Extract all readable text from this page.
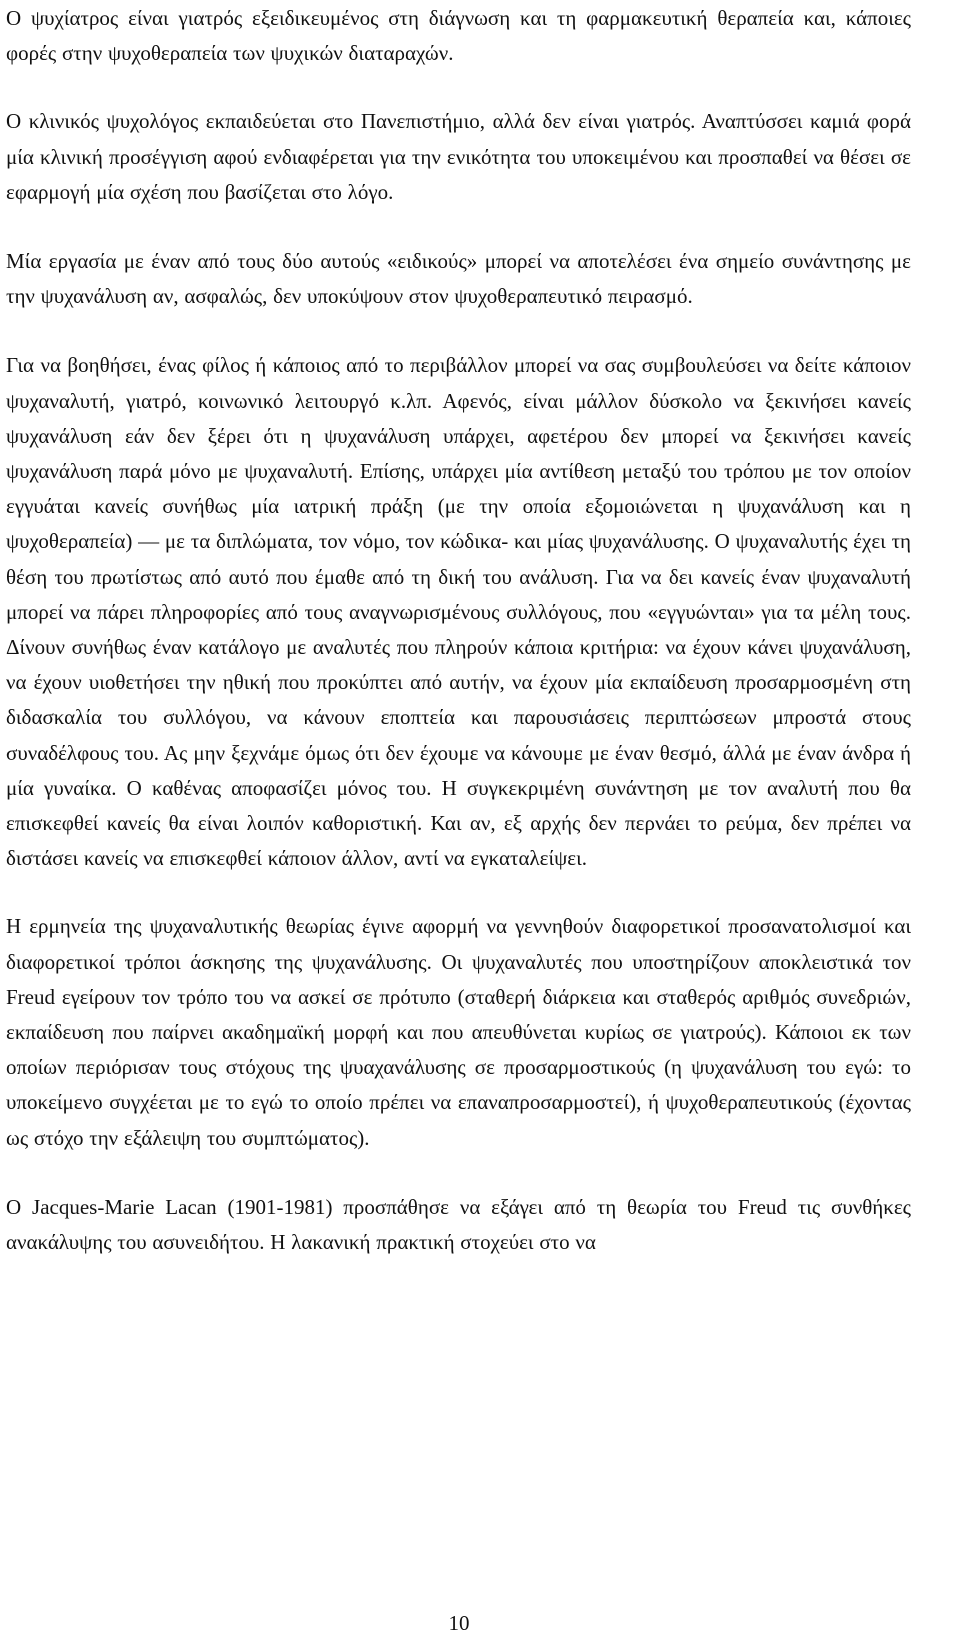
Ο ψυχίατρος είναι γιατρός εξειδικευμένος στη διάγνωση και τη φαρμακευτική θεραπεία και, κάποιες φορές στην ψυχοθεραπεία των ψυχικών διαταραχών.

Ο κλινικός ψυχολόγος εκπαιδεύεται στο Πανεπιστήμιο, αλλά δεν είναι γιατρός. Αναπτύσσει καμιά φορά μία κλινική προσέγγιση αφού ενδιαφέρεται για την ενικότητα του υποκειμένου και προσπαθεί να θέσει σε εφαρμογή μία σχέση που βασίζεται στο λόγο.

Μία εργασία με έναν από τους δύο αυτούς «ειδικούς» μπορεί να αποτελέσει ένα σημείο συνάντησης με την ψυχανάλυση αν, ασφαλώς, δεν υποκύψουν στον ψυχοθεραπευτικό πειρασμό.

Για να βοηθήσει, ένας φίλος ή κάποιος από το περιβάλλον μπορεί να σας συμβουλεύσει να δείτε κάποιον ψυχαναλυτή, γιατρό, κοινωνικό λειτουργό κ.λπ. Αφενός, είναι μάλλον δύσκολο να ξεκινήσει κανείς ψυχανάλυση εάν δεν ξέρει ότι η ψυχανάλυση υπάρχει, αφετέρου δεν μπορεί να ξεκινήσει κανείς ψυχανάλυση παρά μόνο με ψυχαναλυτή. Επίσης, υπάρχει μία αντίθεση μεταξύ του τρόπου με τον οποίον εγγυάται κανείς συνήθως μία ιατρική πράξη (με την οποία εξομοιώνεται η ψυχανάλυση και η ψυχοθεραπεία) ― με τα διπλώματα, τον νόμο, τον κώδικα- και μίας ψυχανάλυσης. Ο ψυχαναλυτής έχει τη θέση του πρωτίστως από αυτό που έμαθε από τη δική του ανάλυση. Για να δει κανείς έναν ψυχαναλυτή μπορεί να πάρει πληροφορίες από τους αναγνωρισμένους συλλόγους, που «εγγυώνται» για τα μέλη τους. Δίνουν συνήθως έναν κατάλογο με αναλυτές που πληρούν κάποια κριτήρια: να έχουν κάνει ψυχανάλυση, να έχουν υιοθετήσει την ηθική που προκύπτει από αυτήν, να έχουν μία εκπαίδευση προσαρμοσμένη στη διδασκαλία του συλλόγου, να κάνουν εποπτεία και παρουσιάσεις περιπτώσεων μπροστά στους συναδέλφους του. Ας μην ξεχνάμε όμως ότι δεν έχουμε να κάνουμε με έναν θεσμό, άλλά με έναν άνδρα ή μία γυναίκα. Ο καθένας αποφασίζει μόνος του. Η συγκεκριμένη συνάντηση με τον αναλυτή που θα επισκεφθεί κανείς θα είναι λοιπόν καθοριστική. Και αν, εξ αρχής δεν περνάει το ρεύμα, δεν πρέπει να διστάσει κανείς να επισκεφθεί κάποιον άλλον, αντί να εγκαταλείψει.

Η ερμηνεία της ψυχαναλυτικής θεωρίας έγινε αφορμή να γεννηθούν διαφορετικοί προσανατολισμοί και διαφορετικοί τρόποι άσκησης της ψυχανάλυσης. Οι ψυχαναλυτές που υποστηρίζουν αποκλειστικά τον Freud εγείρουν τον τρόπο του να ασκεί σε πρότυπο (σταθερή διάρκεια και σταθερός αριθμός συνεδριών, εκπαίδευση που παίρνει ακαδημαϊκή μορφή και που απευθύνεται κυρίως σε γιατρούς). Κάποιοι εκ των οποίων περιόρισαν τους στόχους της ψυαχανάλυσης σε προσαρμοστικούς (η ψυχανάλυση του εγώ: το υποκείμενο συγχέεται με το εγώ το οποίο πρέπει να επαναπροσαρμοστεί), ή ψυχοθεραπευτικούς (έχοντας ως στόχο την εξάλειψη του συμπτώματος).

Ο Jacques-Marie Lacan (1901-1981) προσπάθησε να εξάγει από τη θεωρία του Freud τις συνθήκες ανακάλυψης του ασυνειδήτου. Η λακανική πρακτική στοχεύει στο να

10
